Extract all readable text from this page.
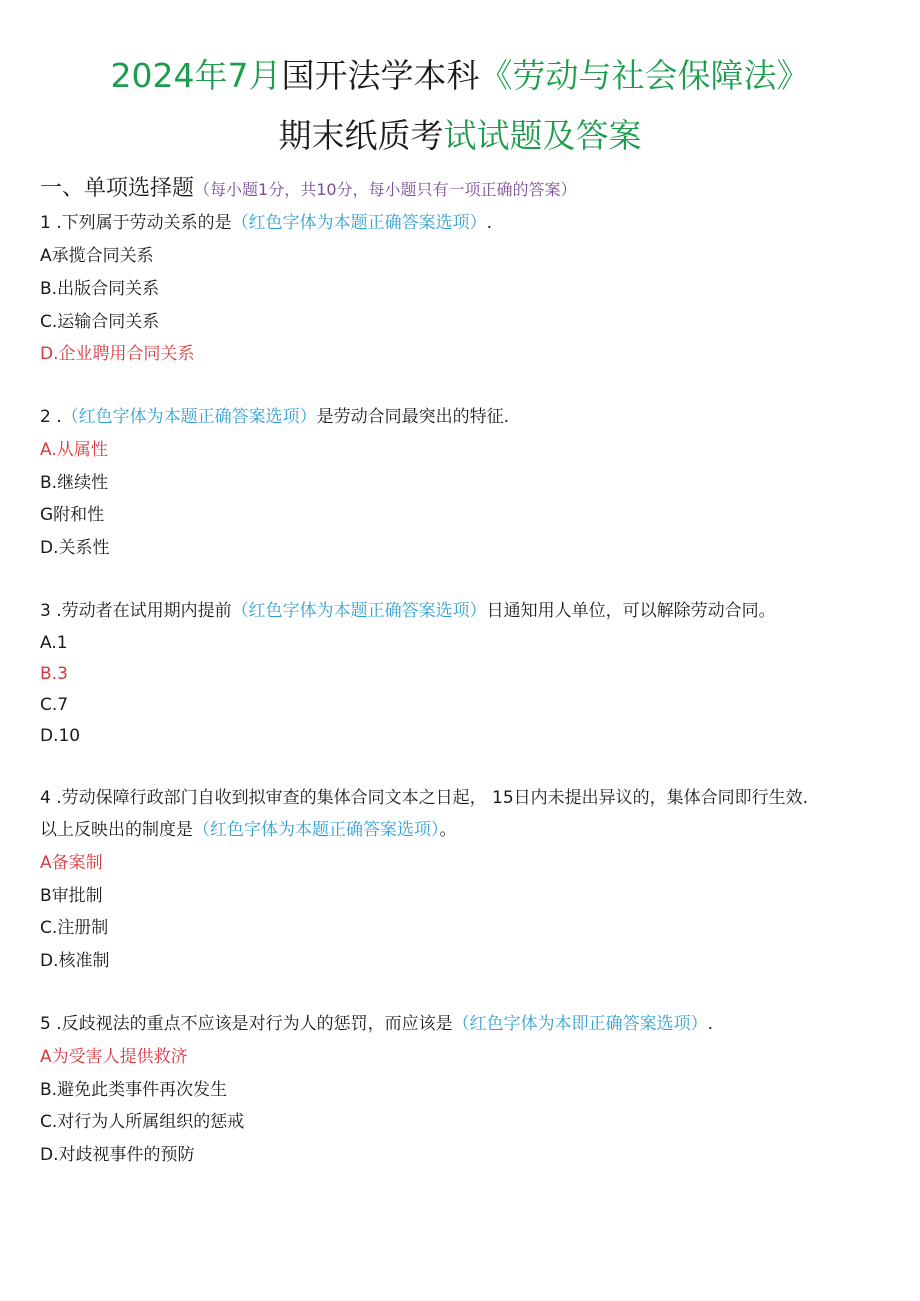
2024年7月国开法学本科《劳动与社会保障法》
期末纸质考试试题及答案
一、单项选择题（每小题1分，共10分，每小题只有一项正确的答案）
1 .下列属于劳动关系的是（红色字体为本题正确答案选项）.
A承揽合同关系
B.出版合同关系
C.运输合同关系
D.企业聘用合同关系
2 .（红色字体为本题正确答案选项）是劳动合同最突出的特征.
A.从属性
B.继续性
G附和性
D.关系性
3 .劳动者在试用期内提前（红色字体为本题正确答案选项）日通知用人单位，可以解除劳动合同。
A.1
B.3
C.7
D.10
4 .劳动保障行政部门自收到拟审查的集体合同文本之日起， 15日内未提出异议的，集体合同即行生效.
以上反映出的制度是（红色字体为本题正确答案选项）。
A备案制
B审批制
C.注册制
D.核准制
5 .反歧视法的重点不应该是对行为人的惩罚，而应该是（红色字体为本即正确答案选项）.
A为受害人提供救济
B.避免此类事件再次发生
C.对行为人所属组织的惩戒
D.对歧视事件的预防
